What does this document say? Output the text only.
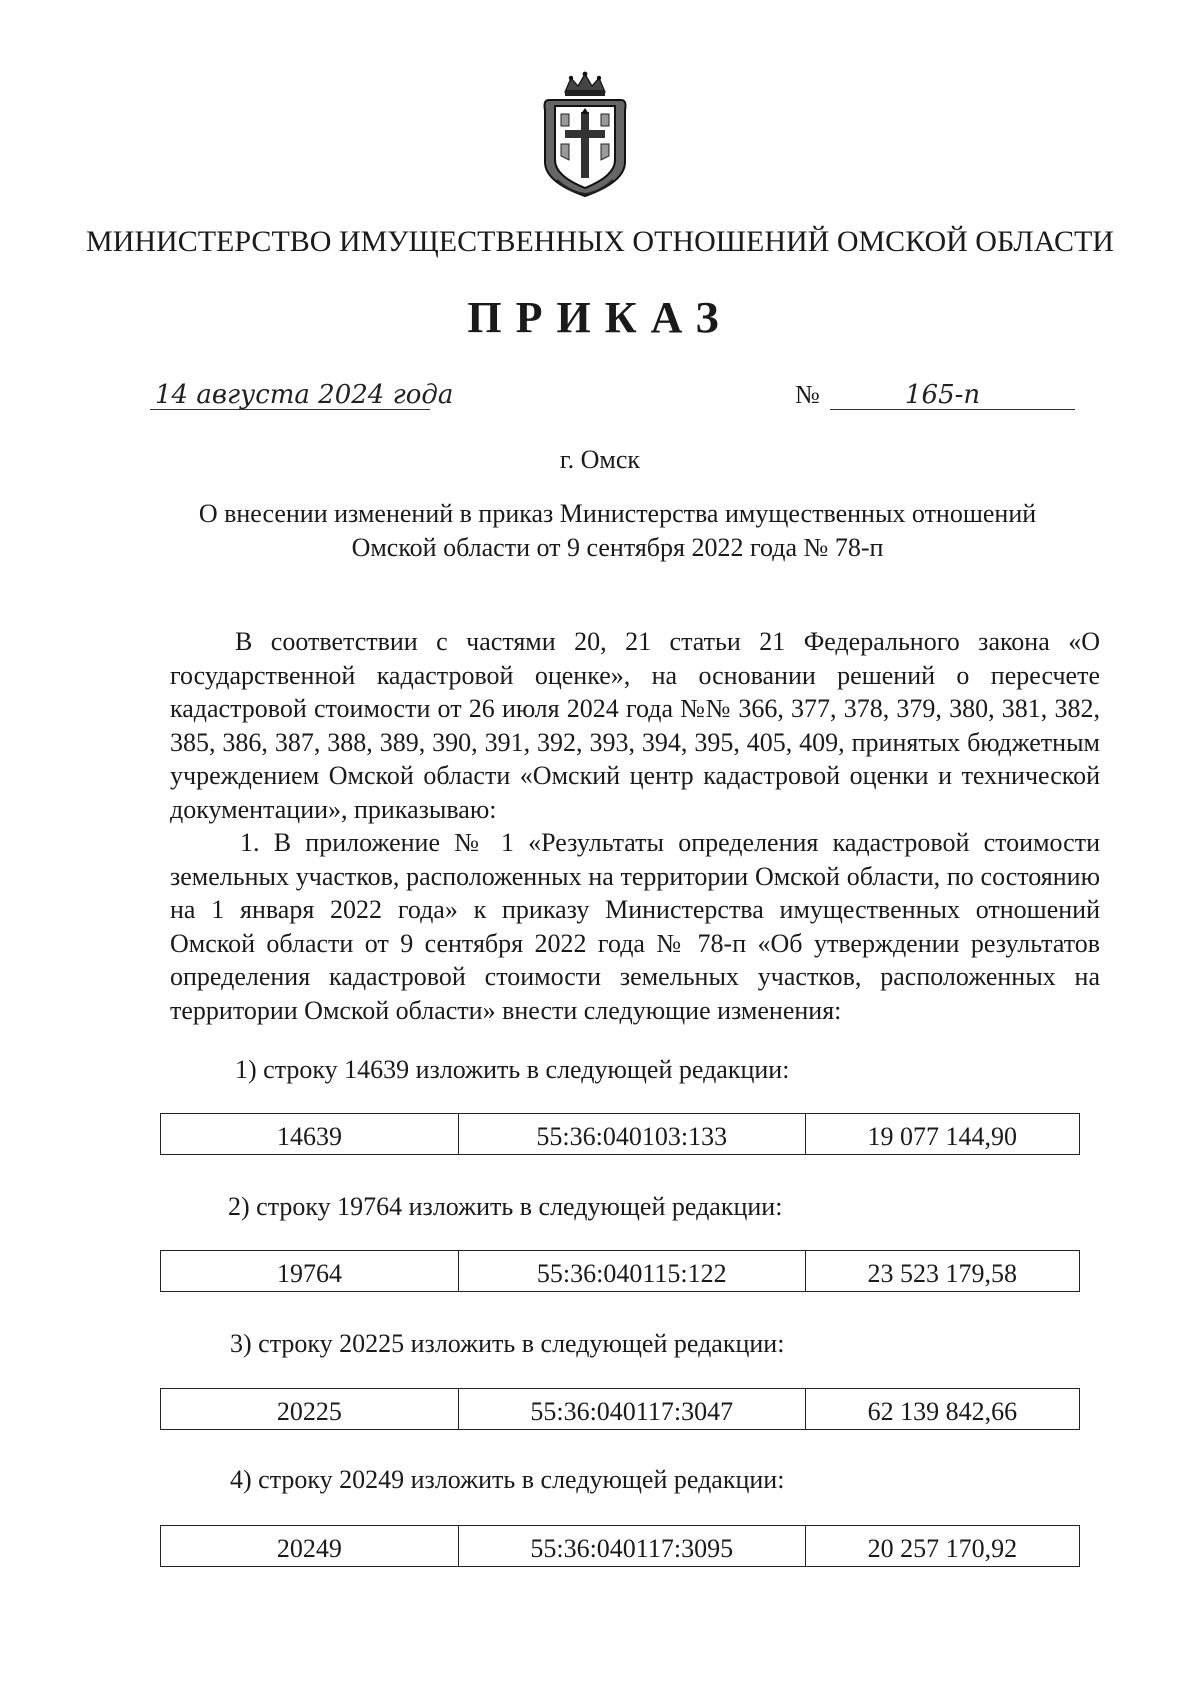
МИНИСТЕРСТВО ИМУЩЕСТВЕННЫХ ОТНОШЕНИЙ ОМСКОЙ ОБЛАСТИ
ПРИКАЗ
14 августа 2024 года	№	165-п
г. Омск
О внесении изменений в приказ Министерства имущественных отношений
Омской области от 9 сентября 2022 года № 78-п

В соответствии с частями 20, 21 статьи 21 Федерального закона «О государственной кадастровой оценке», на основании решений о пересчете кадастровой стоимости от 26 июля 2024 года №№ 366, 377, 378, 379, 380, 381, 382, 385, 386, 387, 388, 389, 390, 391, 392, 393, 394, 395, 405, 409, принятых бюджетным учреждением Омской области «Омский центр кадастровой оценки и технической документации», приказываю:

1. В приложение № 1 «Результаты определения кадастровой стоимости земельных участков, расположенных на территории Омской области, по состоянию на 1 января 2022 года» к приказу Министерства имущественных отношений Омской области от 9 сентября 2022 года № 78-п «Об утверждении результатов определения кадастровой стоимости земельных участков, расположенных на территории Омской области» внести следующие изменения:

1) строку 14639 изложить в следующей редакции:
14639	55:36:040103:133	19 077 144,90
2) строку 19764 изложить в следующей редакции:
19764	55:36:040115:122	23 523 179,58
3) строку 20225 изложить в следующей редакции:
20225	55:36:040117:3047	62 139 842,66
4) строку 20249 изложить в следующей редакции:
20249	55:36:040117:3095	20 257 170,92
